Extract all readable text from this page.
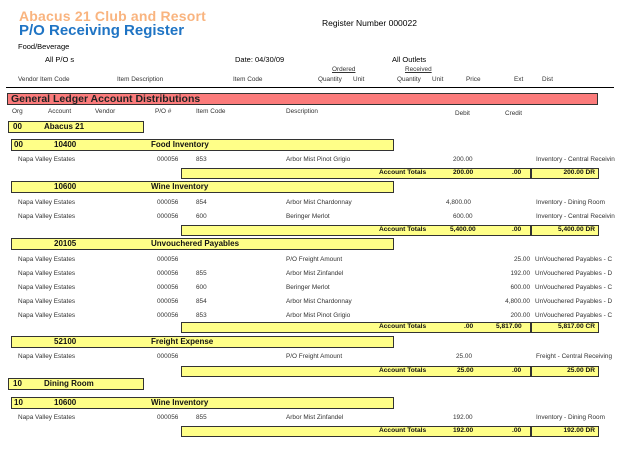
Abacus 21 Club and Resort
P/O Receiving Register	Register Number 000022
Food/Beverage
All P/O s	Date: 04/30/09	All Outlets
Ordered	Received
Vendor Item Code	Item Description	Item Code	Quantity Unit	Quantity Unit	Price	Ext	Dist
General Ledger Account Distributions
Org	Account	Vendor	P/O #	Item Code	Description	Debit	Credit
00	Abacus 21
00	10400	Food Inventory
Napa Valley Estates	000056	853	Arbor Mist Pinot Grigio	200.00	Inventory - Central Receivin
Account Totals	200.00	.00	200.00 DR
10600	Wine Inventory
Napa Valley Estates	000056	854	Arbor Mist Chardonnay	4,800.00	Inventory - Dining Room
Napa Valley Estates	000056	600	Beringer Merlot	600.00	Inventory - Central Receivin
Account Totals	5,400.00	.00	5,400.00 DR
20105	Unvouchered Payables
Napa Valley Estates	000056	P/O Freight Amount	25.00 UnVouchered Payables - C
Napa Valley Estates	000056	855	Arbor Mist Zinfandel	192.00 UnVouchered Payables - D
Napa Valley Estates	000056	600	Beringer Merlot	600.00 UnVouchered Payables - C
Napa Valley Estates	000056	854	Arbor Mist Chardonnay	4,800.00 UnVouchered Payables - D
Napa Valley Estates	000056	853	Arbor Mist Pinot Grigio	200.00 UnVouchered Payables - C
Account Totals	.00	5,817.00	5,817.00 CR
52100	Freight Expense
Napa Valley Estates	000056	P/O Freight Amount	25.00	Freight - Central Receiving
Account Totals	25.00	.00	25.00 DR
10	Dining Room
10	10600	Wine Inventory
Napa Valley Estates	000056	855	Arbor Mist Zinfandel	192.00	Inventory - Dining Room
Account Totals	192.00	.00	192.00 DR
